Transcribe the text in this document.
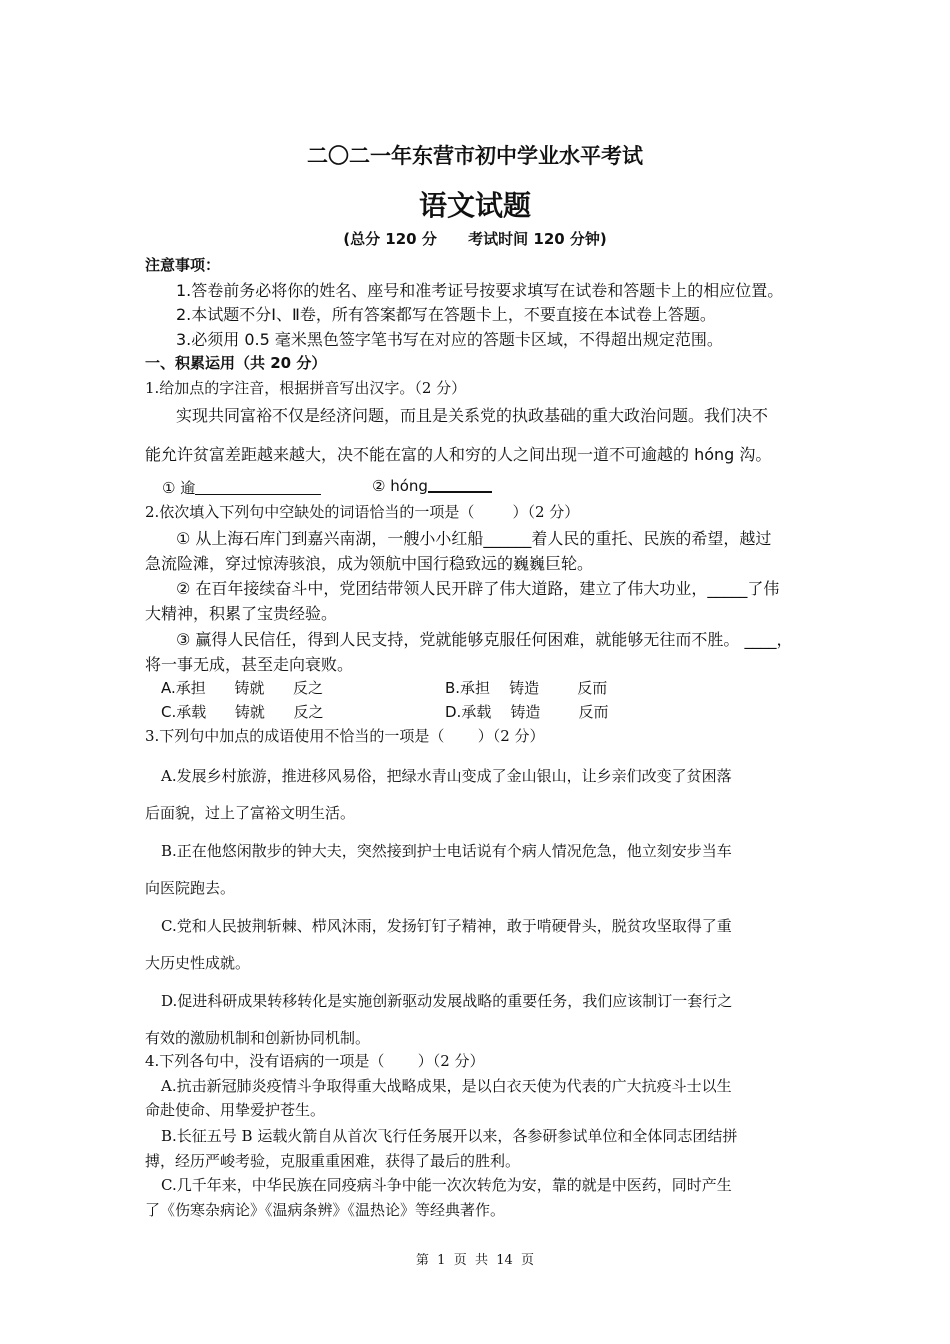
二〇二一年东营市初中学业水平考试
语文试题
(总分 120 分      考试时间 120 分钟)
注意事项：
1.答卷前务必将你的姓名、座号和准考证号按要求填写在试卷和答题卡上的相应位置。
2.本试题不分Ⅰ、Ⅱ卷，所有答案都写在答题卡上，不要直接在本试卷上答题。
3.必须用 0.5 毫米黑色签字笔书写在对应的答题卡区域，不得超出规定范围。
一、积累运用（共 20 分）
1.给加点的字注音，根据拼音写出汉字。（2 分）
实现共同富裕不仅是经济问题，而且是关系党的执政基础的重大政治问题。我们决不
能允许贫富差距越来越大，决不能在富的人和穷的人之间出现一道不可逾越的 hóng 沟。
① 逾	② hóng
2.依次填入下列句中空缺处的词语恰当的一项是（        ）（2 分）
① 从上海石库门到嘉兴南湖，一艘小小红船______着人民的重托、民族的希望，越过
急流险滩，穿过惊涛骇浪，成为领航中国行稳致远的巍巍巨轮。
② 在百年接续奋斗中，党团结带领人民开辟了伟大道路，建立了伟大功业，_____了伟
大精神，积累了宝贵经验。
③ 赢得人民信任，得到人民支持，党就能够克服任何困难，就能够无往而不胜。 ____，
将一事无成，甚至走向衰败。
A.承担      铸就      反之	B.承担    铸造        反而
C.承载      铸就      反之	D.承载    铸造        反而
3.下列句中加点的成语使用不恰当的一项是（       ）（2 分）
A.发展乡村旅游，推进移风易俗，把绿水青山变成了金山银山，让乡亲们改变了贫困落
后面貌，过上了富裕文明生活。
B.正在他悠闲散步的钟大夫，突然接到护士电话说有个病人情况危急，他立刻安步当车
向医院跑去。
C.党和人民披荆斩棘、栉风沐雨，发扬钉钉子精神，敢于啃硬骨头，脱贫攻坚取得了重
大历史性成就。
D.促进科研成果转移转化是实施创新驱动发展战略的重要任务，我们应该制订一套行之
有效的激励机制和创新协同机制。
4.下列各句中，没有语病的一项是（       ）（2 分）
A.抗击新冠肺炎疫情斗争取得重大战略成果，是以白衣天使为代表的广大抗疫斗士以生
命赴使命、用挚爱护苍生。
B.长征五号 B 运载火箭自从首次飞行任务展开以来，各参研参试单位和全体同志团结拼
搏，经历严峻考验，克服重重困难，获得了最后的胜利。
C.几千年来，中华民族在同疫病斗争中能一次次转危为安，靠的就是中医药，同时产生
了《伤寒杂病论》《温病条辨》《温热论》等经典著作。
第  1  页  共  14  页
